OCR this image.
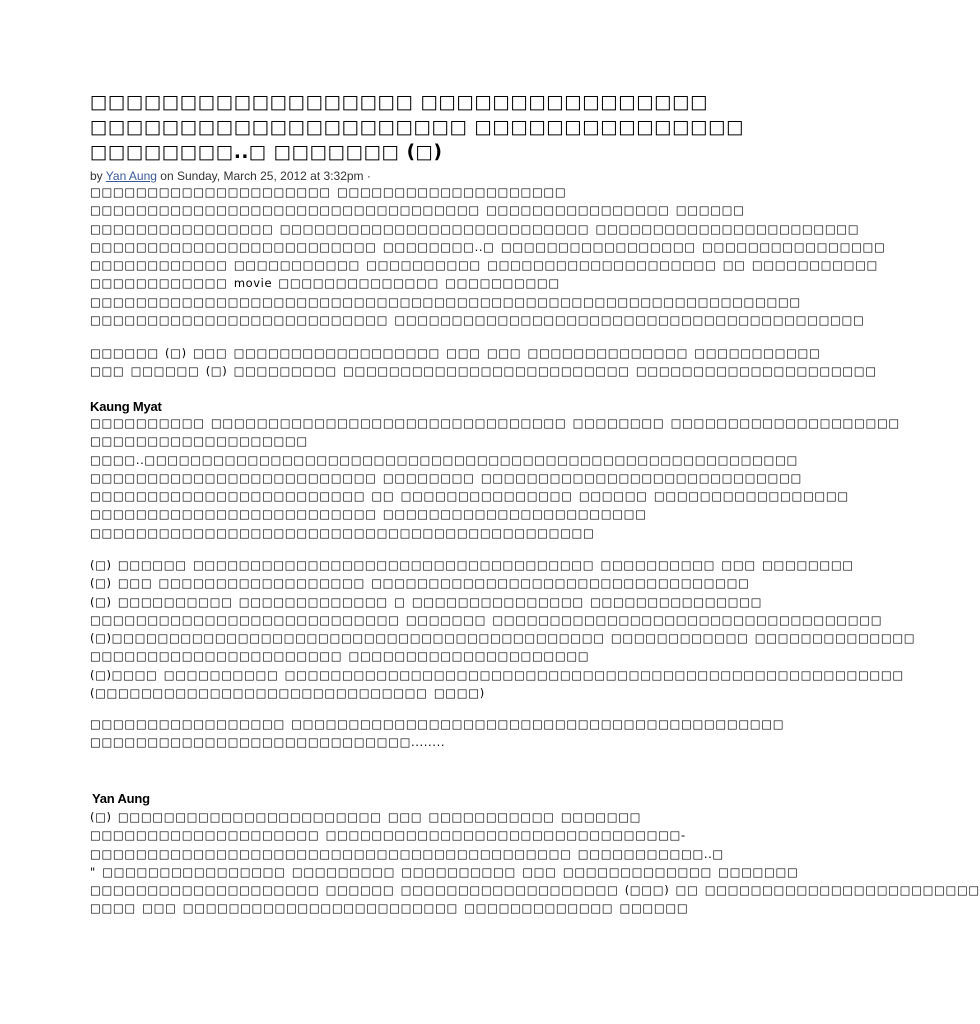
□□□□□□□□□□□□□□□□□□ □□□□□□□□□□□□□□□□
□□□□□□□□□□□□□□□□□□□□□ □□□□□□□□□□□□□□□
□□□□□□□□..□ □□□□□□□ (□)
by Yan Aung on Sunday, March 25, 2012 at 3:32pm ·
□□□□□□□□□□□□□□□□□□□□□ □□□□□□□□□□□□□□□□□□□□
□□□□□□□□□□□□□□□□□□□□□□□□□□□□□□□□□□ □□□□□□□□□□□□□□□□ □□□□□□
□□□□□□□□□□□□□□□□ □□□□□□□□□□□□□□□□□□□□□□□□□□□ □□□□□□□□□□□□□□□□□□□□□□□
□□□□□□□□□□□□□□□□□□□□□□□□□ □□□□□□□□..□ □□□□□□□□□□□□□□□□□ □□□□□□□□□□□□□□□□
□□□□□□□□□□□□ □□□□□□□□□□□ □□□□□□□□□□ □□□□□□□□□□□□□□□□□□□□ □□ □□□□□□□□□□□
□□□□□□□□□□□□ movie □□□□□□□□□□□□□□ □□□□□□□□□□
□□□□□□□□□□□□□□□□□□□□□□□□□□□□□□□□□□□□□□□□□□□□□□□□□□□□□□□□□□□□□□
□□□□□□□□□□□□□□□□□□□□□□□□□□ □□□□□□□□□□□□□□□□□□□□□□□□□□□□□□□□□□□□□□□□□
□□□□□□ (□) □□□ □□□□□□□□□□□□□□□□□□ □□□ □□□ □□□□□□□□□□□□□□ □□□□□□□□□□□
□□□ □□□□□□ (□) □□□□□□□□□ □□□□□□□□□□□□□□□□□□□□□□□□□ □□□□□□□□□□□□□□□□□□□□□
Kaung Myat
□□□□□□□□□□ □□□□□□□□□□□□□□□□□□□□□□□□□□□□□□□ □□□□□□□□ □□□□□□□□□□□□□□□□□□□□
□□□□□□□□□□□□□□□□□□□
□□□□..□□□□□□□□□□□□□□□□□□□□□□□□□□□□□□□□□□□□□□□□□□□□□□□□□□□□□□□□□
□□□□□□□□□□□□□□□□□□□□□□□□□ □□□□□□□□ □□□□□□□□□□□□□□□□□□□□□□□□□□□□
□□□□□□□□□□□□□□□□□□□□□□□□ □□ □□□□□□□□□□□□□□□ □□□□□□ □□□□□□□□□□□□□□□□□
□□□□□□□□□□□□□□□□□□□□□□□□□ □□□□□□□□□□□□□□□□□□□□□□□
□□□□□□□□□□□□□□□□□□□□□□□□□□□□□□□□□□□□□□□□□□□□
(□) □□□□□□ □□□□□□□□□□□□□□□□□□□□□□□□□□□□□□□□□□□ □□□□□□□□□□ □□□ □□□□□□□□
(□) □□□ □□□□□□□□□□□□□□□□□□ □□□□□□□□□□□□□□□□□□□□□□□□□□□□□□□□□
(□) □□□□□□□□□□ □□□□□□□□□□□□□ □ □□□□□□□□□□□□□□□ □□□□□□□□□□□□□□□
□□□□□□□□□□□□□□□□□□□□□□□□□□□ □□□□□□□ □□□□□□□□□□□□□□□□□□□□□□□□□□□□□□□□□□
(□)□□□□□□□□□□□□□□□□□□□□□□□□□□□□□□□□□□□□□□□□□□□ □□□□□□□□□□□□ □□□□□□□□□□□□□□
□□□□□□□□□□□□□□□□□□□□□□ □□□□□□□□□□□□□□□□□□□□□
(□)□□□□ □□□□□□□□□□ □□□□□□□□□□□□□□□□□□□□□□□□□□□□□□□□□□□□□□□□□□□□□□□□□□□□□□
(□□□□□□□□□□□□□□□□□□□□□□□□□□□□□ □□□□)
□□□□□□□□□□□□□□□□□ □□□□□□□□□□□□□□□□□□□□□□□□□□□□□□□□□□□□□□□□□□□
□□□□□□□□□□□□□□□□□□□□□□□□□□□□........
Yan Aung
(□) □□□□□□□□□□□□□□□□□□□□□□□ □□□ □□□□□□□□□□□ □□□□□□□
□□□□□□□□□□□□□□□□□□□□ □□□□□□□□□□□□□□□□□□□□□□□□□□□□□□□-
□□□□□□□□□□□□□□□□□□□□□□□□□□□□□□□□□□□□□□□□□□ □□□□□□□□□□□..□
" □□□□□□□□□□□□□□□□ □□□□□□□□□ □□□□□□□□□□ □□□ □□□□□□□□□□□□□ □□□□□□□
□□□□□□□□□□□□□□□□□□□□ □□□□□□ □□□□□□□□□□□□□□□□□□□ (□□□) □□ □□□□□□□□□□□□□□□□□□□□□□□□
□□□□ □□□ □□□□□□□□□□□□□□□□□□□□□□□□ □□□□□□□□□□□□□ □□□□□□
